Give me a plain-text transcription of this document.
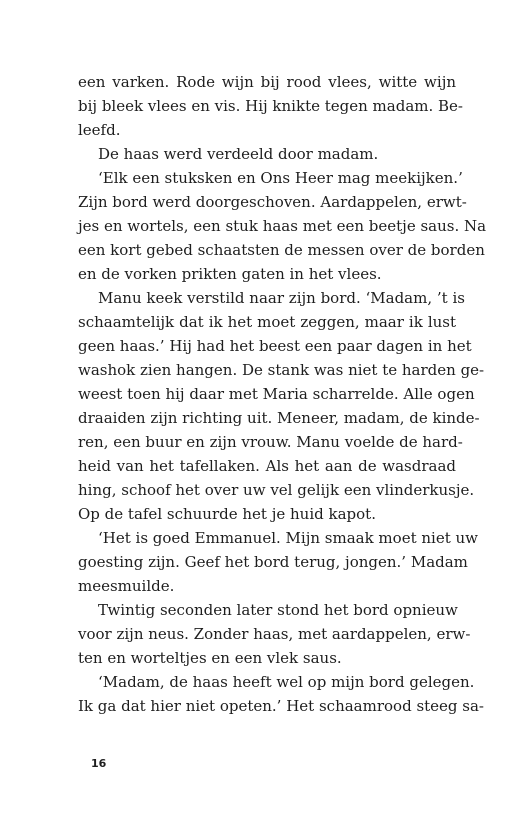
een varken. Rode wijn bij rood vlees, witte wijn
bij bleek vlees en vis. Hij knikte tegen madam. Be-
leefd.
De haas werd verdeeld door madam.
‘Elk een stuksken en Ons Heer mag meekijken.’
Zijn bord werd doorgeschoven. Aardappelen, erwt-
jes en wortels, een stuk haas met een beetje saus. Na
een kort gebed schaatsten de messen over de borden
en de vorken prikten gaten in het vlees.
Manu keek verstild naar zijn bord. ‘Madam, ’t is
schaamtelijk dat ik het moet zeggen, maar ik lust
geen haas.’ Hij had het beest een paar dagen in het
washok zien hangen. De stank was niet te harden ge-
weest toen hij daar met Maria scharrelde. Alle ogen
draaiden zijn richting uit. Meneer, madam, de kinde-
ren, een buur en zijn vrouw. Manu voelde de hard-
heid van het tafellaken. Als het aan de wasdraad
hing, schoof het over uw vel gelijk een vlinderkusje.
Op de tafel schuurde het je huid kapot.
‘Het is goed Emmanuel. Mijn smaak moet niet uw
goesting zijn. Geef het bord terug, jongen.’ Madam
meesmuilde.
Twintig seconden later stond het bord opnieuw
voor zijn neus. Zonder haas, met aardappelen, erw-
ten en worteltjes en een vlek saus.
‘Madam, de haas heeft wel op mijn bord gelegen.
Ik ga dat hier niet opeten.’ Het schaamrood steeg sa-
16
